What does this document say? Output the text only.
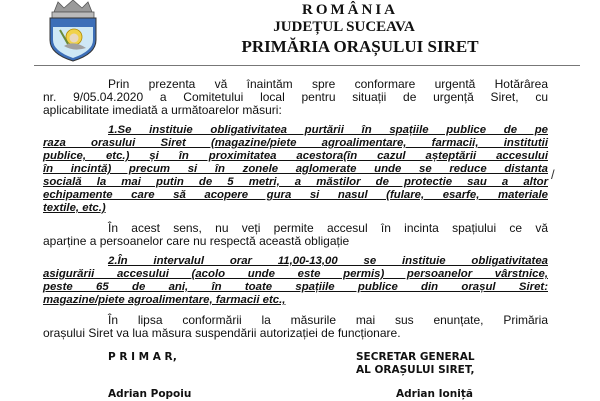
ROMÂNIA
JUDEȚUL SUCEAVA
PRIMĂRIA ORAȘULUI SIRET
Prin prezenta vă înaintăm spre conformare urgentă Hotărârea
nr. 9/05.04.2020 a Comitetului local pentru situații de urgență Siret, cu
aplicabilitate imediată a următoarelor măsuri:
1.Se instituie obligativitatea purtării în spațiile publice de pe
raza orasului Siret (magazine/piete agroalimentare, farmacii, institutii
publice, etc.) și în proximitatea acestora(în cazul așteptării accesului
în incintă) precum si în zonele aglomerate unde se reduce distanta
socială la mai putin de 5 metri, a măstilor de protectie sau a altor
echipamente care să acopere gura si nasul (fulare, esarfe, materiale
textile, etc.)
În acest sens, nu veți permite accesul în incinta spațiului ce vă
aparține a persoanelor care nu respectă această obligație
2.În intervalul orar 11,00-13,00 se instituie obligativitatea
asigurării accesului (acolo unde este permis) persoanelor vârstnice,
peste 65 de ani, în toate spațiile publice din orașul Siret:
magazine/piete agroalimentare, farmacii etc.,
În lipsa conformării la măsurile mai sus enunțate, Primăria
orașului Siret va lua măsura suspendării autorizației de funcționare.
/
P R I M A R,
Adrian Popoiu
SECRETAR GENERAL
AL ORAȘULUI SIRET,
Adrian Ioniță
